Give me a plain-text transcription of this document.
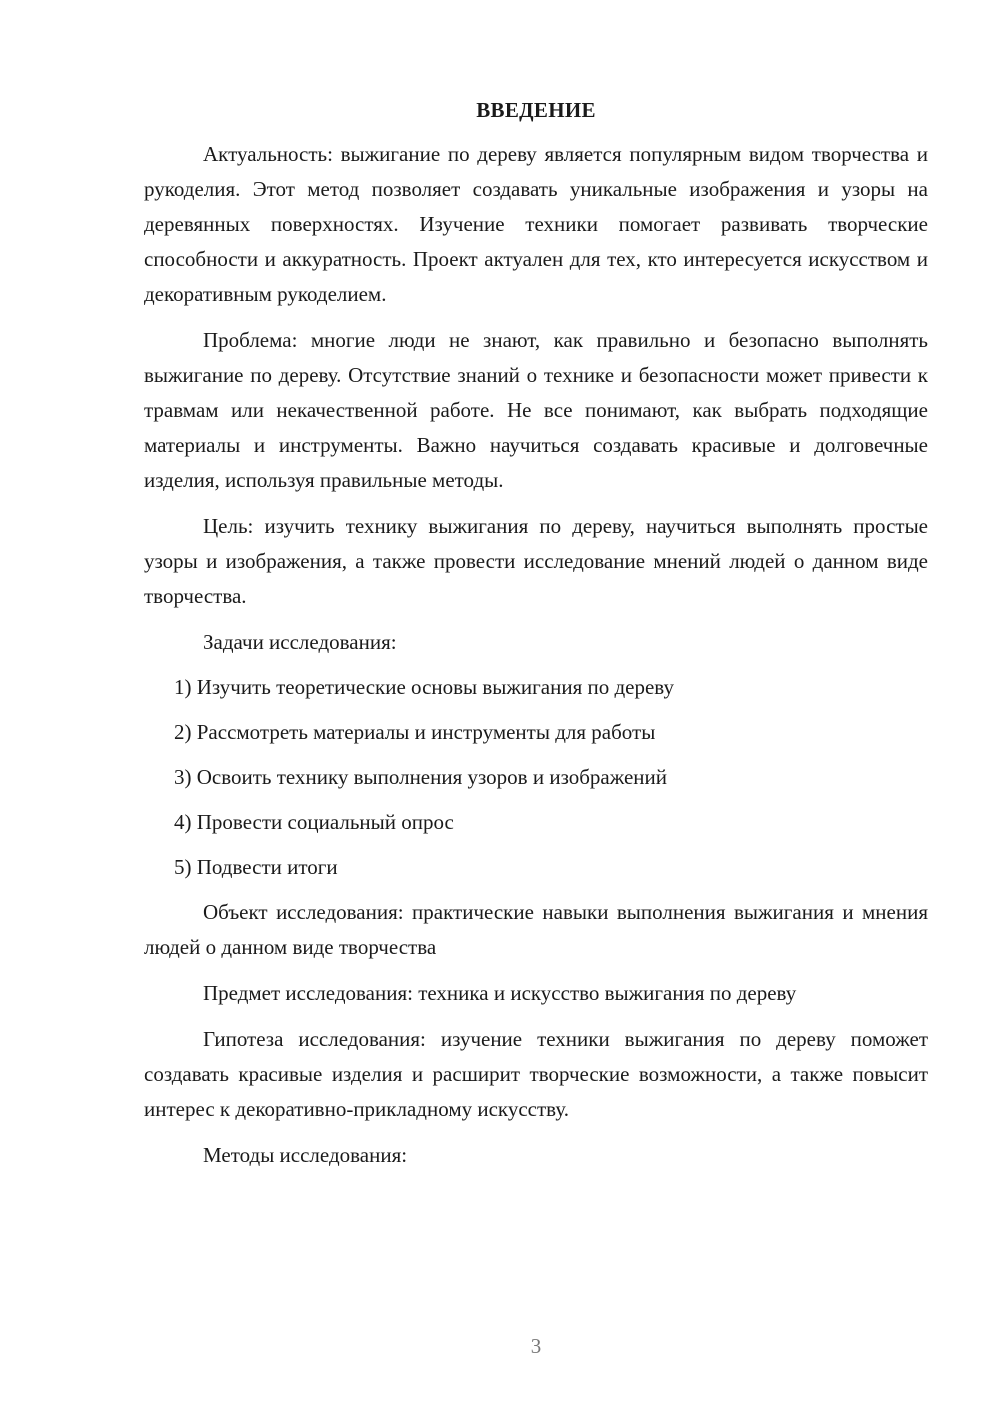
ВВЕДЕНИЕ

Актуальность: выжигание по дереву является популярным видом творчества и рукоделия. Этот метод позволяет создавать уникальные изображения и узоры на деревянных поверхностях. Изучение техники помогает развивать творческие способности и аккуратность. Проект актуален для тех, кто интересуется искусством и декоративным рукоделием.

Проблема: многие люди не знают, как правильно и безопасно выполнять выжигание по дереву. Отсутствие знаний о технике и безопасности может привести к травмам или некачественной работе. Не все понимают, как выбрать подходящие материалы и инструменты. Важно научиться создавать красивые и долговечные изделия, используя правильные методы.

Цель: изучить технику выжигания по дереву, научиться выполнять простые узоры и изображения, а также провести исследование мнений людей о данном виде творчества.

Задачи исследования:
1) Изучить теоретические основы выжигания по дереву
2) Рассмотреть материалы и инструменты для работы
3) Освоить технику выполнения узоров и изображений
4) Провести социальный опрос
5) Подвести итоги

Объект исследования: практические навыки выполнения выжигания и мнения людей о данном виде творчества

Предмет исследования: техника и искусство выжигания по дереву

Гипотеза исследования: изучение техники выжигания по дереву поможет создавать красивые изделия и расширит творческие возможности, а также повысит интерес к декоративно-прикладному искусству.

Методы исследования:
3
